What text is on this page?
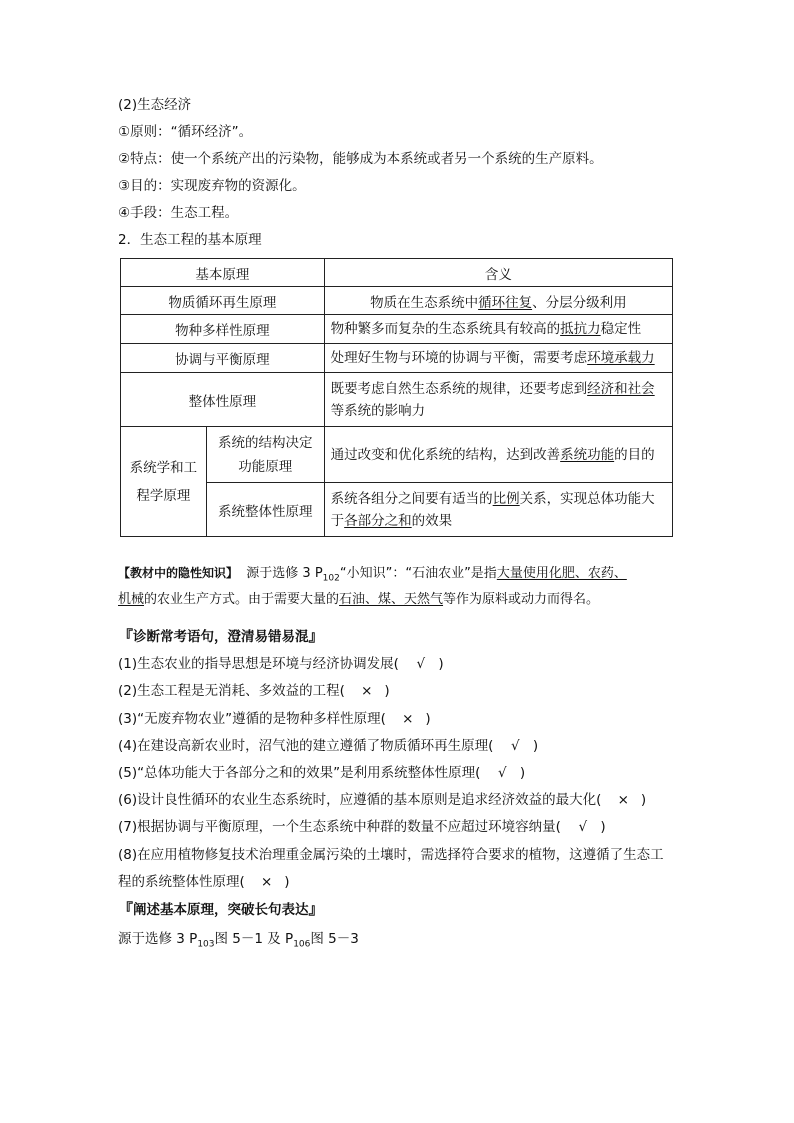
(2)生态经济
①原则：“循环经济”。
②特点：使一个系统产出的污染物，能够成为本系统或者另一个系统的生产原料。
③目的：实现废弃物的资源化。
④手段：生态工程。
2．生态工程的基本原理
基本原理		含义
物质循环再生原理		物质在生态系统中循环往复、分层分级利用
物种多样性原理		物种繁多而复杂的生态系统具有较高的抵抗力稳定性
协调与平衡原理		处理好生物与环境的协调与平衡，需要考虑环境承载力
整体性原理		既要考虑自然生态系统的规律，还要考虑到经济和社会等系统的影响力
系统学和工程学原理	系统的结构决定功能原理	通过改变和优化系统的结构，达到改善系统功能的目的
	系统整体性原理	系统各组分之间要有适当的比例关系，实现总体功能大于各部分之和的效果
【教材中的隐性知识】 源于选修 3 $P_{102}“$小知识”：“石油农业”是指大量使用化肥、农药、
机械的农业生产方式。由于需要大量的石油、煤、天然气等作为原料或动力而得名。
『诊断常考语句，澄清易错易混』
(1)生态农业的指导思想是环境与经济协调发展( √ )
(2)生态工程是无消耗、多效益的工程( × )
(3)“无废弃物农业”遵循的是物种多样性原理( × )
(4)在建设高新农业时，沼气池的建立遵循了物质循环再生原理( √ )
(5)“总体功能大于各部分之和的效果”是利用系统整体性原理( √ )
(6)设计良性循环的农业生态系统时，应遵循的基本原则是追求经济效益的最大化( × )
(7)根据协调与平衡原理，一个生态系统中种群的数量不应超过环境容纳量( √ )
(8)在应用植物修复技术治理重金属污染的土壤时，需选择符合要求的植物，这遵循了生态工
程的系统整体性原理( × )
『阐述基本原理，突破长句表达』
源于选修 3 $P_{103}$图 5－1 及 $P_{106}$图 5－3
